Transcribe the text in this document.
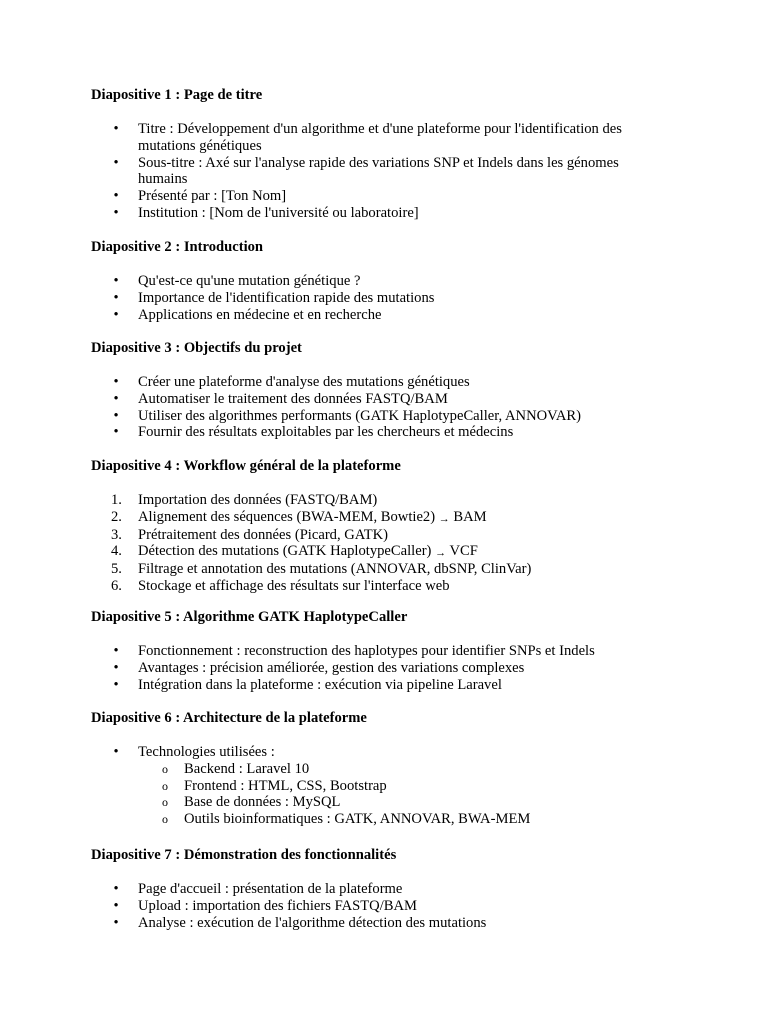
Diapositive 1 : Page de titre

• Titre : Développement d'un algorithme et d'une plateforme pour l'identification des mutations génétiques
• Sous-titre : Axé sur l'analyse rapide des variations SNP et Indels dans les génomes humains
• Présenté par : [Ton Nom]
• Institution : [Nom de l'université ou laboratoire]

Diapositive 2 : Introduction

• Qu'est-ce qu'une mutation génétique ?
• Importance de l'identification rapide des mutations
• Applications en médecine et en recherche

Diapositive 3 : Objectifs du projet

• Créer une plateforme d'analyse des mutations génétiques
• Automatiser le traitement des données FASTQ/BAM
• Utiliser des algorithmes performants (GATK HaplotypeCaller, ANNOVAR)
• Fournir des résultats exploitables par les chercheurs et médecins

Diapositive 4 : Workflow général de la plateforme

1.	Importation des données (FASTQ/BAM)
2.	Alignement des séquences (BWA-MEM, Bowtie2) → BAM
3.	Prétraitement des données (Picard, GATK)
4.	Détection des mutations (GATK HaplotypeCaller) → VCF
5.	Filtrage et annotation des mutations (ANNOVAR, dbSNP, ClinVar)
6.	Stockage et affichage des résultats sur l'interface web

Diapositive 5 : Algorithme GATK HaplotypeCaller

• Fonctionnement : reconstruction des haplotypes pour identifier SNPs et Indels
• Avantages : précision améliorée, gestion des variations complexes
• Intégration dans la plateforme : exécution via pipeline Laravel

Diapositive 6 : Architecture de la plateforme

• Technologies utilisées :
o Backend : Laravel 10
o Frontend : HTML, CSS, Bootstrap
o Base de données : MySQL
o Outils bioinformatiques : GATK, ANNOVAR, BWA-MEM

Diapositive 7 : Démonstration des fonctionnalités

• Page d'accueil : présentation de la plateforme
• Upload : importation des fichiers FASTQ/BAM
• Analyse : exécution de l'algorithme détection des mutations
